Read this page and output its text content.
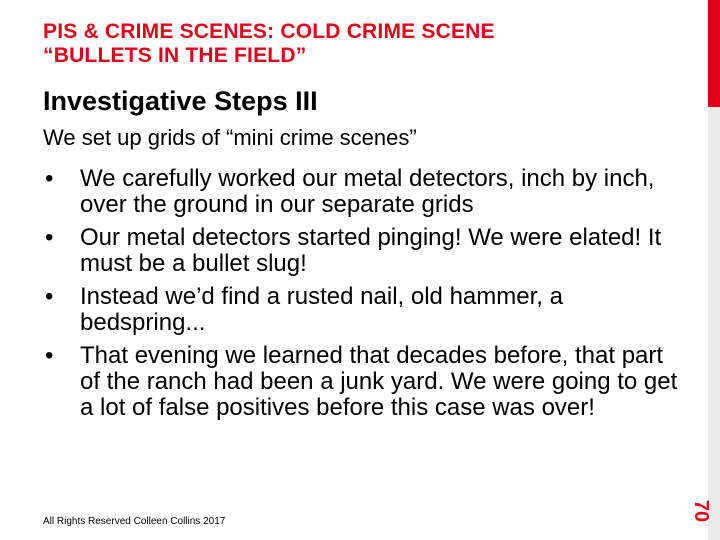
PIS & CRIME SCENES: COLD CRIME SCENE
“BULLETS IN THE FIELD”
Investigative Steps III

We set up grids of “mini crime scenes”

• We carefully worked our metal detectors, inch by inch, over the ground in our separate grids
• Our metal detectors started pinging! We were elated! It must be a bullet slug!
• Instead we’d find a rusted nail, old hammer, a bedspring...
• That evening we learned that decades before, that part of the ranch had been a junk yard. We were going to get a lot of false positives before this case was over!

All Rights Reserved Colleen Collins 2017	70
